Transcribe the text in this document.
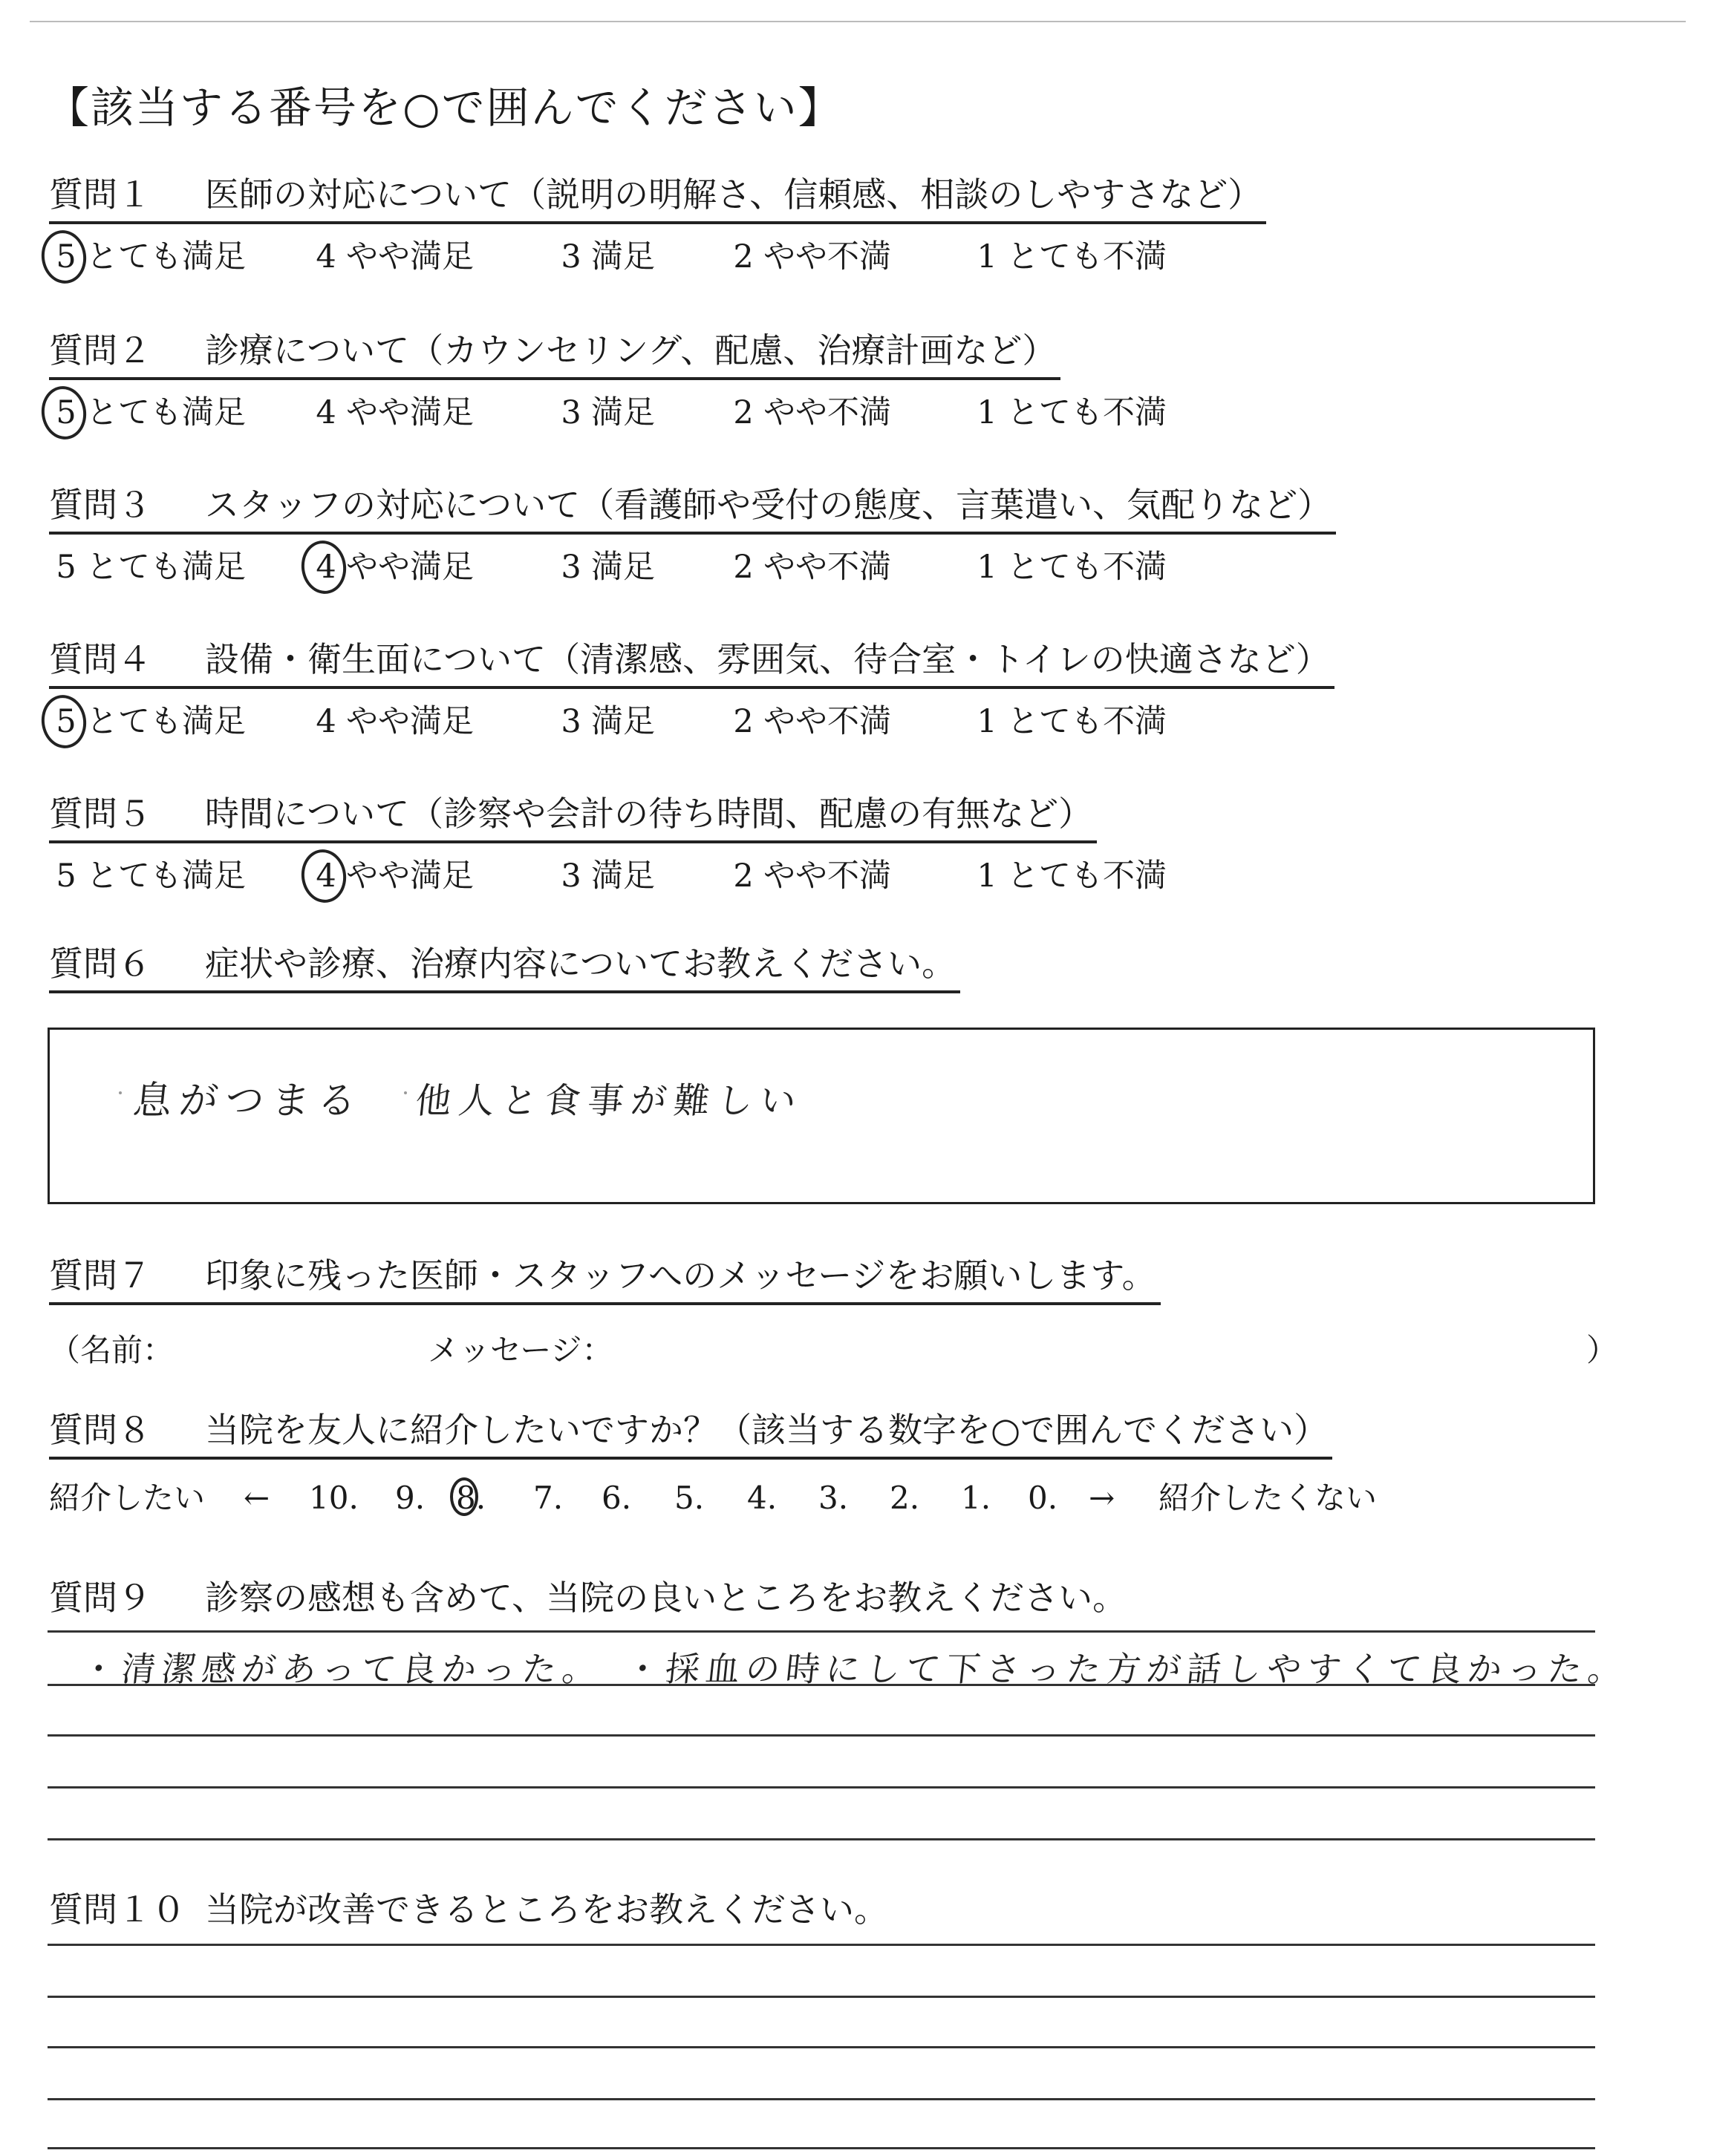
【該当する番号を○で囲んでください】
質問１ 医師の対応について（説明の明解さ、信頼感、相談のしやすさなど）
5 とても満足 4 やや満足	3 満足 2 やや不満	1 とても不満
質問２ 診療について（カウンセリング、配慮、治療計画など）
5 とても満足 4 やや満足	3 満足 2 やや不満	1 とても不満
質問３ スタッフの対応について（看護師や受付の態度、言葉遣い、気配りなど）
5 とても満足 4 やや満足	3 満足 2 やや不満	1 とても不満
質問４ 設備・衛生面について（清潔感、雰囲気、待合室・トイレの快適さなど）
5 とても満足 4 やや満足	3 満足 2 やや不満	1 とても不満
質問５ 時間について（診察や会計の待ち時間、配慮の有無など）
5 とても満足 4 やや満足	3 満足 2 やや不満	1 とても不満
質問６ 症状や診療、治療内容についてお教えください。
息がつまる 他人と食事が難しい
質問７ 印象に残った医師・スタッフへのメッセージをお願いします。
（名前：	メッセージ：	）
質問８ 当院を友人に紹介したいですか？（該当する数字を○で囲んでください）
紹介したい ←	→ 紹介したくない
10. 9. 8. 7. 6. 5. 4. 3. 2. 1. 0.
質問９ 診察の感想も含めて、当院の良いところをお教えください。
・清潔感があって良かった。　・採血の時にして下さった方が話しやすくて良かった。
質問１０ 当院が改善できるところをお教えください。
